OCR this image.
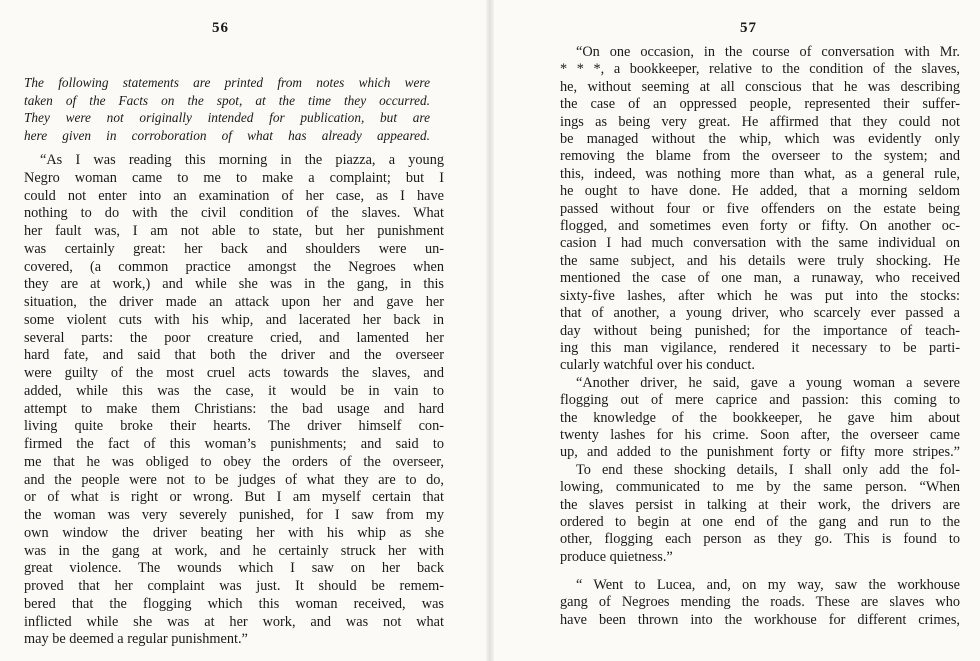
56
The following statements are printed from notes which were
taken of the Facts on the spot, at the time they occurred.
They were not originally intended for publication, but are
here given in corroboration of what has already appeared.
“As I was reading this morning in the piazza, a young
Negro woman came to me to make a complaint; but I
could not enter into an examination of her case, as I have
nothing to do with the civil condition of the slaves. What
her fault was, I am not able to state, but her punishment
was certainly great: her back and shoulders were un-
covered, (a common practice amongst the Negroes when
they are at work,) and while she was in the gang, in this
situation, the driver made an attack upon her and gave her
some violent cuts with his whip, and lacerated her back in
several parts: the poor creature cried, and lamented her
hard fate, and said that both the driver and the overseer
were guilty of the most cruel acts towards the slaves, and
added, while this was the case, it would be in vain to
attempt to make them Christians: the bad usage and hard
living quite broke their hearts. The driver himself con-
firmed the fact of this woman’s punishments; and said to
me that he was obliged to obey the orders of the overseer,
and the people were not to be judges of what they are to do,
or of what is right or wrong. But I am myself certain that
the woman was very severely punished, for I saw from my
own window the driver beating her with his whip as she
was in the gang at work, and he certainly struck her with
great violence. The wounds which I saw on her back
proved that her complaint was just. It should be remem-
bered that the flogging which this woman received, was
inflicted while she was at her work, and was not what
may be deemed a regular punishment.”
57
“On one occasion, in the course of conversation with Mr.
* * *, a bookkeeper, relative to the condition of the slaves,
he, without seeming at all conscious that he was describing
the case of an oppressed people, represented their suffer-
ings as being very great. He affirmed that they could not
be managed without the whip, which was evidently only
removing the blame from the overseer to the system; and
this, indeed, was nothing more than what, as a general rule,
he ought to have done. He added, that a morning seldom
passed without four or five offenders on the estate being
flogged, and sometimes even forty or fifty. On another oc-
casion I had much conversation with the same individual on
the same subject, and his details were truly shocking. He
mentioned the case of one man, a runaway, who received
sixty-five lashes, after which he was put into the stocks:
that of another, a young driver, who scarcely ever passed a
day without being punished; for the importance of teach-
ing this man vigilance, rendered it necessary to be parti-
cularly watchful over his conduct.
“Another driver, he said, gave a young woman a severe
flogging out of mere caprice and passion: this coming to
the knowledge of the bookkeeper, he gave him about
twenty lashes for his crime. Soon after, the overseer came
up, and added to the punishment forty or fifty more stripes.”
To end these shocking details, I shall only add the fol-
lowing, communicated to me by the same person. “When
the slaves persist in talking at their work, the drivers are
ordered to begin at one end of the gang and run to the
other, flogging each person as they go. This is found to
produce quietness.”
“ Went to Lucea, and, on my way, saw the workhouse
gang of Negroes mending the roads. These are slaves who
have been thrown into the workhouse for different crimes,
